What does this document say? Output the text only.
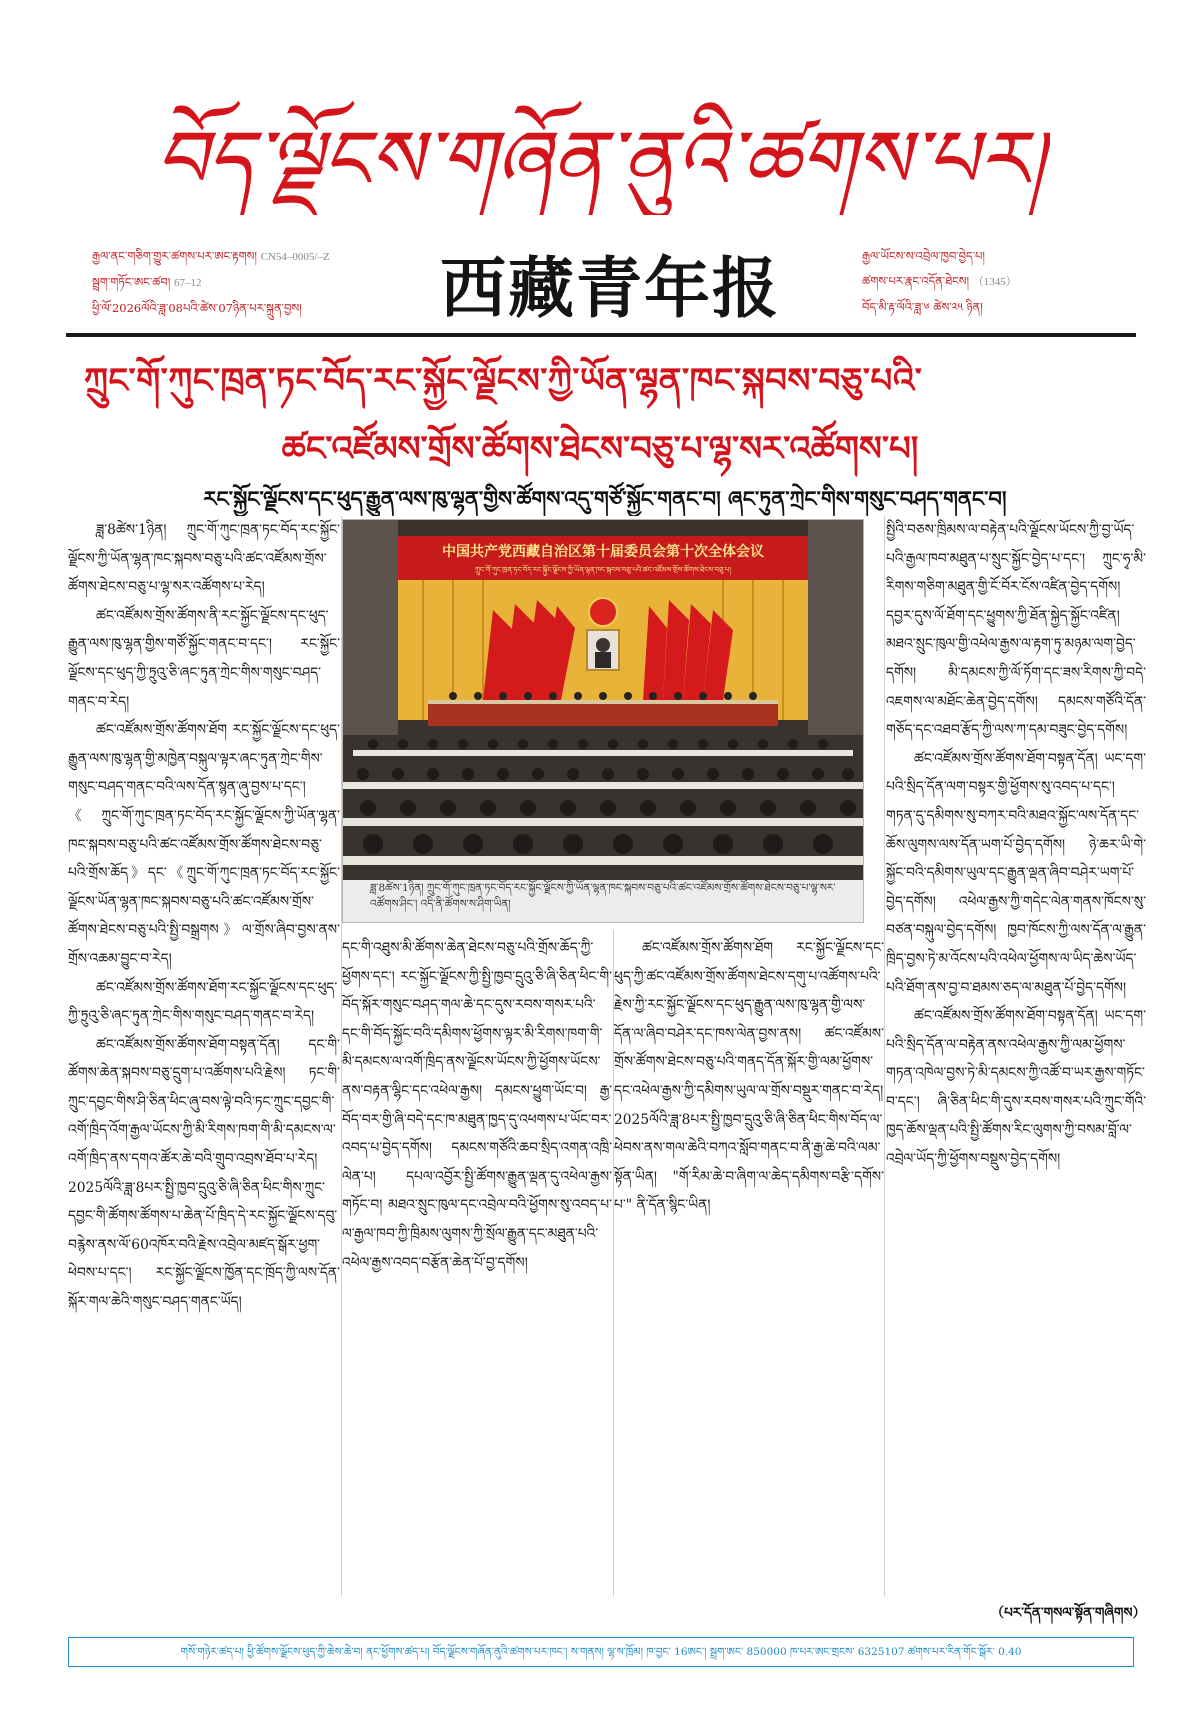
བོད་ལྗོངས་གཞོན་ནུའི་ཚགས་པར།
རྒྱལ་ནང་གཅིག་གྱུར་ཚགས་པར་ཨང་རྟགས། CN54–0005/–Z
སྦྲག་གཏོང་ཨང་ཚབ། 67–12
ཕྱི་ལོ་2026ལོའི་ཟླ་08པའི་ཚེས་07ཉིན་པར་སྐྲུན་བྱས།	西藏青年报	རྒྱལ་ཡོངས་ས་འབྲེལ་ཁྱབ་བྱེད་པ།
ཚགས་པར་རྣང་འདོན་ཐེངས། （1345）
བོད་མི་རྟ་ལོའི་ཟླ་༦ ཚེས་༢༥ ཉིན།
ཀྲུང་གོ་ཀུང་ཁྲན་ཏང་བོད་རང་སྐྱོང་ལྗོངས་ཀྱི་ཡོན་ལྷན་ཁང་སྐབས་བཅུ་པའི་
ཚང་འཛོམས་གྲོས་ཚོགས་ཐེངས་བཅུ་པ་ལྷ་སར་འཚོགས་པ།
རང་སྐྱོང་ལྗོངས་དང་ཕུད་རྒྱུན་ལས་ཁུ་ལྷན་གྱིས་ཚོགས་འདུ་གཙོ་སྐྱོང་གནང་བ། ཞང་ཏུན་ཀྲེང་གིས་གསུང་བཤད་གནང་བ།

ཟླ་8ཚེས་1ཉིན། ཀྲུང་གོ་ཀུང་ཁྲན་ཏང་བོད་རང་སྐྱོང་ལྗོངས་ཀྱི་ཡོན་ལྷན་ཁང་སྐབས་བཅུ་པའི་ཚང་འཛོམས་གྲོས་ཚོགས་ཐེངས་བཅུ་པ་ལྷ་སར་འཚོགས་པ་རེད།

ཚང་འཛོམས་གྲོས་ཚོགས་ནི་རང་སྐྱོང་ལྗོངས་དང་ཕུད་རྒྱུན་ལས་ཁུ་ལྷན་གྱིས་གཙོ་སྐྱོང་གནང་བ་དང་། རང་སྐྱོང་ལྗོངས་དང་ཕུད་ཀྱི་ཏྲུའུ་ཅི་ཞང་ཏུན་ཀྲེང་གིས་གསུང་བཤད་གནང་བ་རེད།

ཚང་འཛོམས་གྲོས་ཚོགས་ཐོག རང་སྐྱོང་ལྗོངས་དང་ཕུད་རྒྱུན་ལས་ཁུ་ལྷན་གྱི་མཁྱེན་བསྐུལ་ལྟར་ཞང་ཏུན་ཀྲེང་གིས་གསུང་བཤད་གནང་བའི་ལས་དོན་སྙན་ཞུ་བྱས་པ་དང་། 《ཀྲུང་གོ་ཀུང་ཁྲན་ཏང་བོད་རང་སྐྱོང་ལྗོངས་ཀྱི་ཡོན་ལྷན་ཁང་སྐབས་བཅུ་པའི་ཚང་འཛོམས་གྲོས་ཚོགས་ཐེངས་བཅུ་པའི་གྲོས་ཆོད》དང་《ཀྲུང་གོ་ཀུང་ཁྲན་ཏང་བོད་རང་སྐྱོང་ལྗོངས་ཡོན་ལྷན་ཁང་སྐབས་བཅུ་པའི་ཚང་འཛོམས་གྲོས་ཚོགས་ཐེངས་བཅུ་པའི་སྤྱི་བསྒྲགས》ལ་གྲོས་ཞིབ་བྱས་ནས་གྲོས་འཆམ་བྱུང་བ་རེད།

ཚང་འཛོམས་གྲོས་ཚོགས་ཐོག་རང་སྐྱོང་ལྗོངས་དང་ཕུད་ཀྱི་ཏྲུའུ་ཅི་ཞང་ཏུན་ཀྲེང་གིས་གསུང་བཤད་གནང་བ་རེད།

ཚང་འཛོམས་གྲོས་ཚོགས་ཐོག་བསྟན་དོན། དང་གི་ཚོགས་ཆེན་སྐབས་བཅུ་དྲུག་པ་འཚོགས་པའི་རྗེས། ཏང་གི་ཀྲུང་དབྱང་གིས་ཤི་ཅིན་ཕིང་ཞུ་བས་ལྟེ་བའི་ཏང་ཀྲུང་དབྱང་གི་འགོ་ཁྲིད་འོག་རྒྱལ་ཡོངས་ཀྱི་མི་རིགས་ཁག་གི་མི་དམངས་ལ་འགོ་ཁྲིད་ནས་དགའ་ཚོར་ཆེ་བའི་གྲུབ་འབྲས་ཐོབ་པ་རེད། 2025ལོའི་ཟླ་8པར་སྤྱི་ཁྱབ་དྲུའུ་ཅི་ཞི་ཅིན་ཕིང་གིས་ཀྲུང་དབྱང་གི་ཚོགས་ཚོགས་པ་ཆེན་པོ་ཁྲིད་དེ་རང་སྐྱོང་ལྗོངས་དབུ་བརྙེས་ནས་ལོ་60འཁོར་བའི་རྗེས་འབྲེལ་མཛད་སྒོར་ཕྱག་ཕེབས་པ་དང་། རང་སྐྱོང་ལྗོངས་ཁྱོན་དང་ཁྲོད་ཀྱི་ལས་དོན་སྐོར་གལ་ཆེའི་གསུང་བཤད་གནང་ཡོད།

中国共产党西藏自治区第十届委员会第十次全体会议
ཀྲུང་གོ་ཀུང་ཁྲན་ཏང་བོད་རང་སྐྱོང་ལྗོངས་ཀྱི་ཡོན་ལྷན་ཁང་སྐབས་བཅུ་པའི་ཚང་འཛོམས་གྲོས་ཚོགས་ཐེངས་བཅུ་པ།
ཟླ་8ཚེས་1ཉིན། ཀྲུང་གོ་ཀུང་ཁྲན་ཏང་བོད་རང་སྐྱོང་ལྗོངས་ཀྱི་ཡོན་ལྷན་ཁང་སྐབས་བཅུ་པའི་ཚང་འཛོམས་གྲོས་ཚོགས་ཐེངས་བཅུ་པ་ལྷ་སར་འཚོགས་ཤིང་། འདི་ནི་ཚོགས་ས་ཤིག་ཡིན།

དང་གི་འཐུས་མི་ཚོགས་ཆེན་ཐེངས་བཅུ་པའི་གྲོས་ཆོད་ཀྱི་ཕྱོགས་དང་། རང་སྐྱོང་ལྗོངས་ཀྱི་སྤྱི་ཁྱབ་དྲུའུ་ཅི་ཞི་ཅིན་ཕིང་གི་བོད་སྐོར་གསུང་བཤད་གལ་ཆེ་དང་དུས་རབས་གསར་པའི་དང་གི་བོད་སྐྱོང་བའི་དམིགས་ཕྱོགས་ལྟར་མི་རིགས་ཁག་གི་མི་དམངས་ལ་འགོ་ཁྲིད་ནས་ལྗོངས་ཡོངས་ཀྱི་ཕྱོགས་ཡོངས་ནས་བརྟན་ལྷིང་དང་འཕེལ་རྒྱས། དམངས་ཕྱུག་ཡོང་བ། རྒྱ་བོད་བར་གྱི་ཞི་བདེ་དང་ཁ་མཐུན་ཁྱད་དུ་འཕགས་པ་ཡོང་བར་འབད་པ་བྱེད་དགོས། དམངས་གཙོའི་ཆབ་སྲིད་འགན་འཁྲི་ལེན་པ། དཔལ་འབྱོར་སྤྱི་ཚོགས་རྒྱུན་ལྡན་དུ་འཕེལ་རྒྱས་གཏོང་བ། མཐའ་སྲུང་ཁུལ་དང་འབྲེལ་བའི་ཕྱོགས་སུ་འབད་པ་ལ་རྒྱལ་ཁབ་ཀྱི་ཁྲིམས་ལུགས་ཀྱི་སྲོལ་རྒྱུན་དང་མཐུན་པའི་འཕེལ་རྒྱས་འབད་བརྩོན་ཆེན་པོ་བྱ་དགོས།

ཚང་འཛོམས་གྲོས་ཚོགས་ཐོག རང་སྐྱོང་ལྗོངས་དང་ཕུད་ཀྱི་ཚང་འཛོམས་གྲོས་ཚོགས་ཐེངས་དགུ་པ་འཚོགས་པའི་རྗེས་ཀྱི་རང་སྐྱོང་ལྗོངས་དང་ཕུད་རྒྱུན་ལས་ཁུ་ལྷན་གྱི་ལས་དོན་ལ་ཞིབ་བཤེར་དང་ཁས་ལེན་བྱས་ནས། ཚང་འཛོམས་གྲོས་ཚོགས་ཐེངས་བཅུ་པའི་གནད་དོན་སྐོར་གྱི་ལམ་ཕྱོགས་དང་འཕེལ་རྒྱས་ཀྱི་དམིགས་ཡུལ་ལ་གྲོས་བསྡུར་གནང་བ་རེད། 2025ལོའི་ཟླ་8པར་སྤྱི་ཁྱབ་དྲུའུ་ཅི་ཞི་ཅིན་ཕིང་གིས་བོད་ལ་ཕེབས་ནས་གལ་ཆེའི་བཀའ་སློབ་གནང་བ་ནི་རྒྱ་ཆེ་བའི་ལམ་སྟོན་ཡིན། "གོ་རིམ་ཆེ་བ་ཞིག་ལ་ཆེད་དམིགས་བརྩི་དགོས་པ་" ནི་དོན་སྙིང་ཡིན།

སྤྱིའི་བཅས་ཁྲིམས་ལ་བརྟེན་པའི་ལྗོངས་ཡོངས་ཀྱི་བྱ་ཡོད་པའི་རྒྱལ་ཁབ་མཐུན་པ་སྲུང་སྐྱོང་བྱེད་པ་དང་། ཀྲུང་ཧྭ་མི་རིགས་གཅིག་མཐུན་གྱི་ངོ་བོར་ངོས་འཛིན་བྱེད་དགོས། དབྱར་དུས་ལོ་ཐོག་དང་ཕྱུགས་ཀྱི་ཐོན་སྐྱེད་སྐྱོང་འཛིན། མཐའ་སྲུང་ཁུལ་གྱི་འཕེལ་རྒྱས་ལ་རྟག་ཏུ་མཉམ་ལག་བྱེད་དགོས། མི་དམངས་ཀྱི་ལོ་ཏོག་དང་ཟས་རིགས་ཀྱི་བདེ་འཇགས་ལ་མཐོང་ཆེན་བྱེད་དགོས། དམངས་གཙོའི་དོན་གཅོད་དང་འཐབ་རྩོད་ཀྱི་ལས་ཀ་དམ་བཟུང་བྱེད་དགོས།

ཚང་འཛོམས་གྲོས་ཚོགས་ཐོག་བསྟན་དོན། ཡང་དག་པའི་སྲིད་དོན་ལག་བསྟར་གྱི་ཕྱོགས་སུ་འབད་པ་དང་། གཏན་དུ་དམིགས་སུ་བཀར་བའི་མཐའ་སྐྱོང་ལས་དོན་དང་ཆོས་ལུགས་ལས་དོན་ཡག་པོ་བྱེད་དགོས། ཉེ་ཆར་ཡི་གེ་སྐྱོང་བའི་དམིགས་ཡུལ་དང་རྒྱུན་ལྡན་ཞིབ་བཤེར་ཡག་པོ་བྱེད་དགོས། འཕེལ་རྒྱས་ཀྱི་གདེང་ལེན་གནས་ཁོངས་སུ་བཙན་བསྐུལ་བྱེད་དགོས། ཁྱབ་ཁོངས་ཀྱི་ལས་དོན་ལ་རྒྱུན་ཁྲིད་བྱས་ཏེ་མ་འོངས་པའི་འཕེལ་ཕྱོགས་ལ་ཡིད་ཆེས་ཡོད་པའི་ཐོག་ནས་བྱ་བ་ཐམས་ཅད་ལ་མཐུན་པོ་བྱེད་དགོས།

ཚང་འཛོམས་གྲོས་ཚོགས་ཐོག་བསྟན་དོན། ཡང་དག་པའི་སྲིད་དོན་ལ་བརྟེན་ནས་འཕེལ་རྒྱས་ཀྱི་ལམ་ཕྱོགས་གཏན་འཁེལ་བྱས་ཏེ་མི་དམངས་ཀྱི་འཚོ་བ་ཡར་རྒྱས་གཏོང་བ་དང་། ཞི་ཅིན་ཕིང་གི་དུས་རབས་གསར་པའི་ཀྲུང་གོའི་ཁྱད་ཆོས་ལྡན་པའི་སྤྱི་ཚོགས་རིང་ལུགས་ཀྱི་བསམ་བློ་ལ་འབྲེལ་ཡོད་ཀྱི་ཕྱོགས་བསྡུས་བྱེད་དགོས།

（པར་དོན་གསལ་སྟོན་གཞིགས）
གསོ་གཉེར་ཚད་པ། ཕྱི་ཚོགས་ལྗོངས་ཕུད་ཀྱི་ཆེས་ཆེ་བ། ནང་ཕྱོགས་ཚད་པ། བོད་ལྗོངས་གཞོན་ནུའི་ཚགས་པར་ཁང་། ས་གནས། ལྷ་ས་ཁྲོམ། ཁ་བྱང་ 16ཨང་། སྦྲག་ཨང་ 850000 ཁ་པར་ཨང་གྲངས་ 6325107 ཚགས་པར་རིན་གོང་སྒོར་ 0.40
